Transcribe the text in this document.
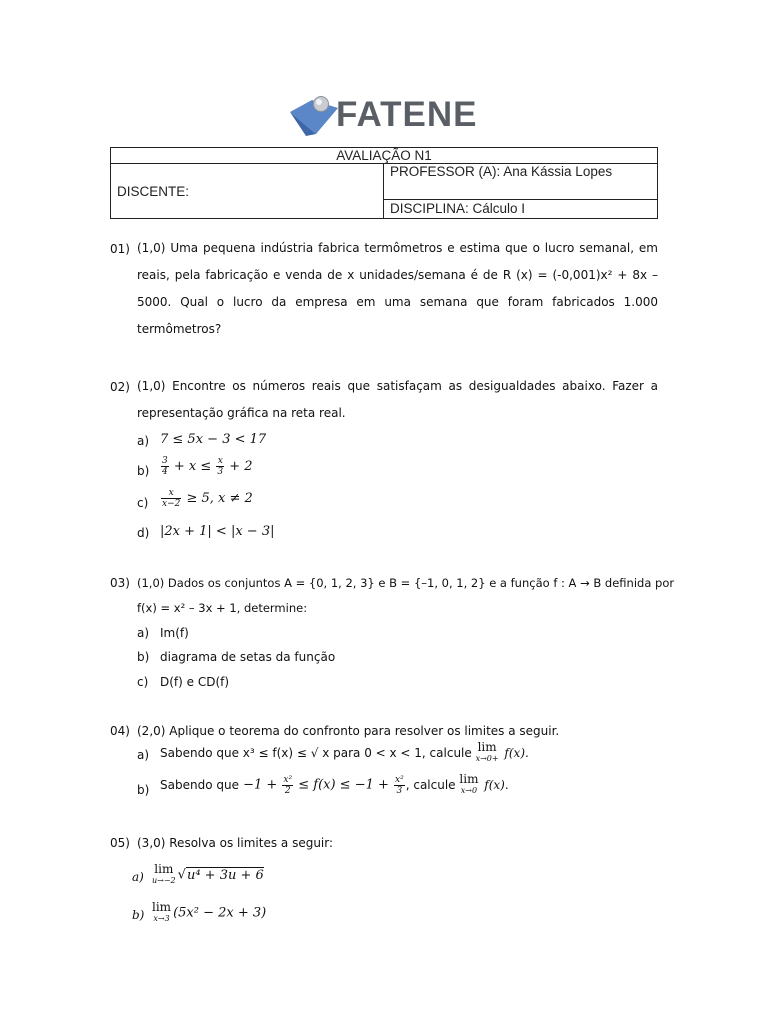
FATENE
AVALIAÇÃO N1
DISCENTE:	PROFESSOR (A): Ana Kássia Lopes
DISCIPLINA: Cálculo I
01) (1,0) Uma pequena indústria fabrica termômetros e estima que o lucro semanal, em reais, pela fabricação e venda de x unidades/semana é de R (x) = (-0,001)x² + 8x – 5000. Qual o lucro da empresa em uma semana que foram fabricados 1.000 termômetros?
02) (1,0) Encontre os números reais que satisfaçam as desigualdades abaixo. Fazer a representação gráfica na reta real.
a) 7 ≤ 5x − 3 < 17
$b) \frac{3}{4} + x \le \frac{x}{3} + 2$
$c) \frac{x}{x-2} \ge 5$, x ≠ 2
d) |2x + 1| < |x − 3|
03) (1,0) Dados os conjuntos A = {0, 1, 2, 3} e B = {–1, 0, 1, 2} e a função f : A → B definida por
f(x) = x² – 3x + 1, determine:
a) Im(f)
b) diagrama de setas da função
c) D(f) e CD(f)
04) (2,0) Aplique o teorema do confronto para resolver os limites a seguir.
a) Sabendo que x³ ≤ f(x) ≤ √ x para 0 < x < 1, calcule lim
x→0+ f(x).
b) Sabendo que $-1 + \frac{\text{x²}}{2} \le f(x) \le -1 + \frac{\text{x²}}{3}$ , calcule lim
x→0 f(x).
05) (3,0) Resolva os limites a seguir:
a)
lim
u→−2 √u⁴ + 3u + 6
b)
lim
x→3 (5x² − 2x + 3)
